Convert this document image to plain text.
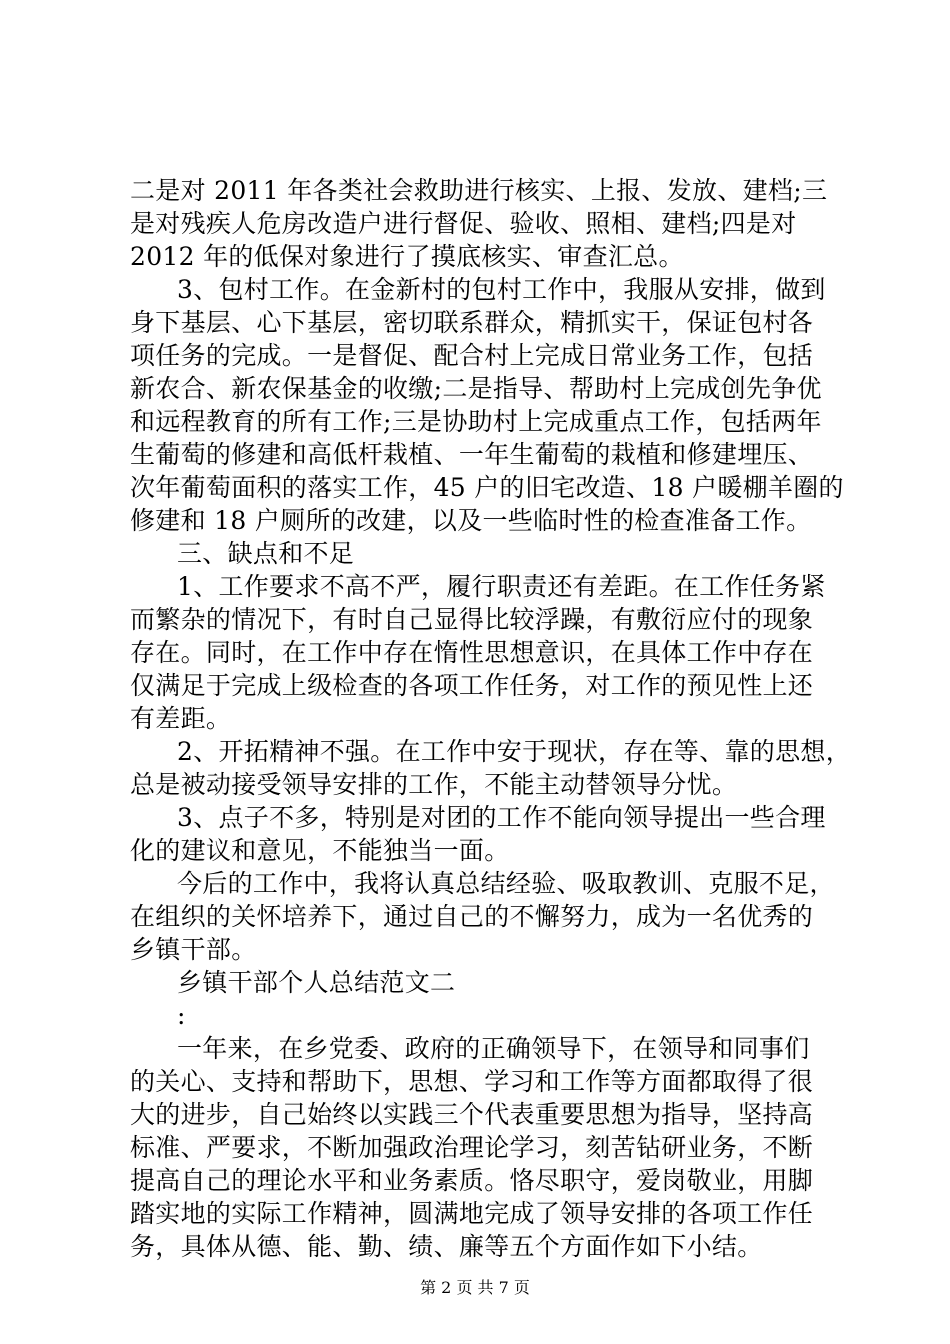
二是对 2011 年各类社会救助进行核实、上报、发放、建档;三
是对残疾人危房改造户进行督促、验收、照相、建档;四是对
2012 年的低保对象进行了摸底核实、审查汇总。
3、包村工作。在金新村的包村工作中，我服从安排，做到
身下基层、心下基层，密切联系群众，精抓实干，保证包村各
项任务的完成。一是督促、配合村上完成日常业务工作，包括
新农合、新农保基金的收缴;二是指导、帮助村上完成创先争优
和远程教育的所有工作;三是协助村上完成重点工作，包括两年
生葡萄的修建和高低杆栽植、一年生葡萄的栽植和修建埋压、
次年葡萄面积的落实工作，45 户的旧宅改造、18 户暖棚羊圈的
修建和 18 户厕所的改建，以及一些临时性的检查准备工作。
三、缺点和不足
1、工作要求不高不严，履行职责还有差距。在工作任务紧
而繁杂的情况下，有时自己显得比较浮躁，有敷衍应付的现象
存在。同时，在工作中存在惰性思想意识，在具体工作中存在
仅满足于完成上级检查的各项工作任务，对工作的预见性上还
有差距。
2、开拓精神不强。在工作中安于现状，存在等、靠的思想，
总是被动接受领导安排的工作，不能主动替领导分忧。
3、点子不多，特别是对团的工作不能向领导提出一些合理
化的建议和意见，不能独当一面。
今后的工作中，我将认真总结经验、吸取教训、克服不足，
在组织的关怀培养下，通过自己的不懈努力，成为一名优秀的
乡镇干部。
乡镇干部个人总结范文二
:
一年来，在乡党委、政府的正确领导下，在领导和同事们
的关心、支持和帮助下，思想、学习和工作等方面都取得了很
大的进步，自己始终以实践三个代表重要思想为指导，坚持高
标准、严要求，不断加强政治理论学习，刻苦钻研业务，不断
提高自己的理论水平和业务素质。恪尽职守，爱岗敬业，用脚
踏实地的实际工作精神，圆满地完成了领导安排的各项工作任
务，具体从德、能、勤、绩、廉等五个方面作如下小结。
第 2 页 共 7 页
